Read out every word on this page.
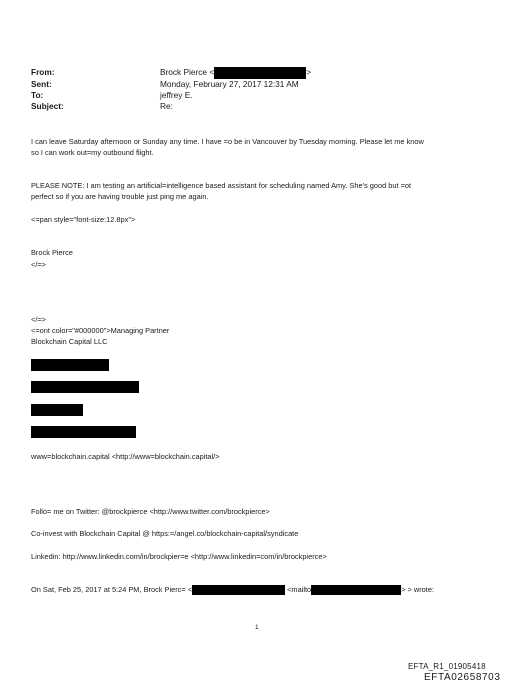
From:	Brock Pierce <	>
Sent:	Monday, February 27, 2017 12:31 AM
To:	jeffrey E.
Subject:	Re:
I can leave Saturday afternoon or Sunday any time. I have =o be in Vancouver by Tuesday morning. Please let me know
so I can work out=my outbound flight.
PLEASE NOTE: I am testing an artificial=intelligence based assistant for scheduling named Amy. She's good but =ot
perfect so if you are having trouble just ping me again.
<=pan style="font-size:12.8px">
Brock Pierce
</=>
</=>
<=ont color="#000000">Managing Partner
Blockchain Capital LLC
www=blockchain.capital <http://www=blockchain.capital/>
Follo= me on Twitter: @brockpierce <http://www.twitter.com/brockpierce>
Co-invest with Blockchain Capital @ https:=/angel.co/blockchain-capital/syndicate
Linkedin: http://www.linkedin.com/in/brockpier=e <http://www.linkedin=com/in/brockpierce>
On Sat, Feb 25, 2017 at 5:24 PM, Brock Pierc= <	<mailto	> > wrote:
1
EFTA_R1_01905418
EFTA02658703
